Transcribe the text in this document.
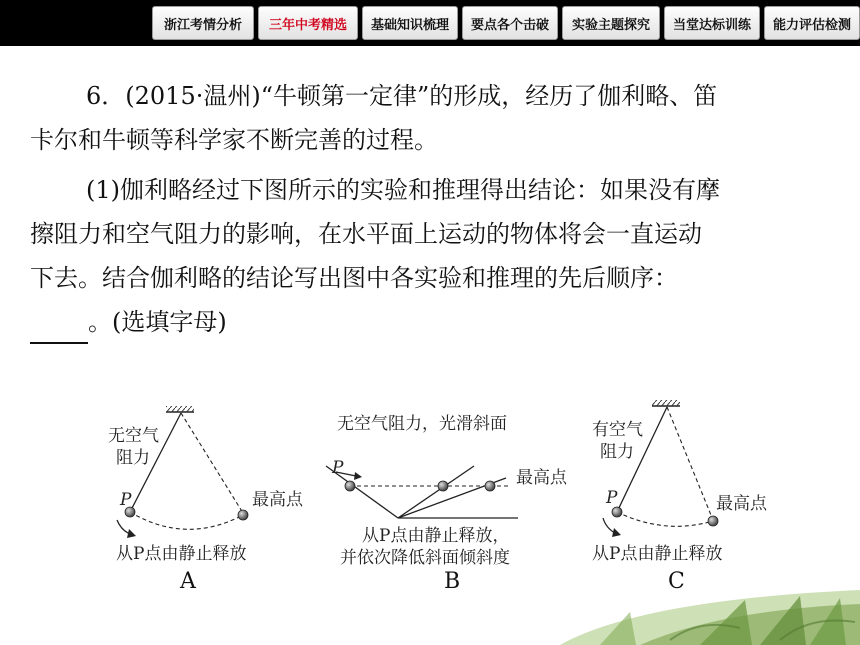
浙江考情分析	三年中考精选	基础知识梳理	要点各个击破	实验主题探究	当堂达标训练	能力评估检测

6．(2015·温州)“牛顿第一定律”的形成，经历了伽利略、笛

卡尔和牛顿等科学家不断完善的过程。

(1)伽利略经过下图所示的实验和推理得出结论：如果没有摩

擦阻力和空气阻力的影响，在水平面上运动的物体将会一直运动

下去。结合伽利略的结论写出图中各实验和推理的先后顺序：

。(选填字母)

无空气
阻力
P	最高点
从P点由静止释放
A
无空气阻力，光滑斜面
P	最高点
从P点由静止释放，
并依次降低斜面倾斜度
B
有空气
阻力
P	最高点
从P点由静止释放
C
